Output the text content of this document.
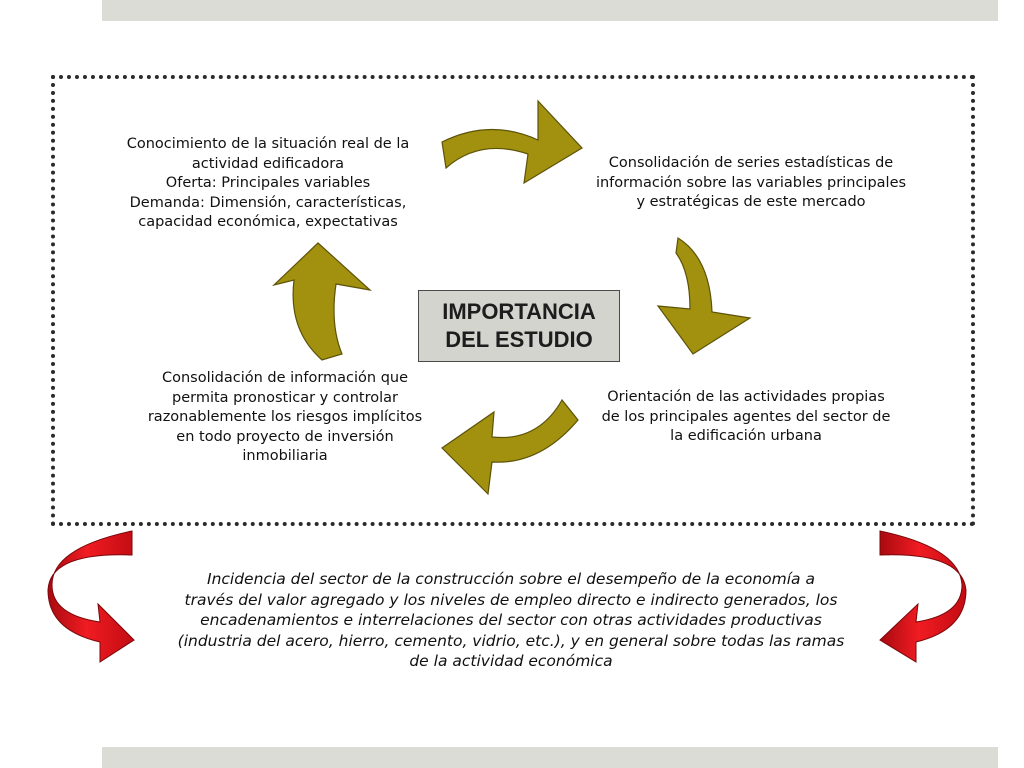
Conocimiento de la situación real de la
actividad edificadora
Oferta: Principales variables
Demanda: Dimensión, características,
capacidad económica, expectativas
Consolidación de series estadísticas de
información sobre las variables principales
y estratégicas de este mercado
Orientación de las actividades propias
de los principales agentes del sector de
la edificación urbana
Consolidación de información que
permita pronosticar y controlar
razonablemente los riesgos implícitos
en todo proyecto de inversión
inmobiliaria
IMPORTANCIA
DEL ESTUDIO
Incidencia del sector de la construcción sobre el desempeño de la economía a
través del valor agregado y los niveles de empleo directo e indirecto generados, los
encadenamientos e interrelaciones del sector con otras actividades productivas
(industria del acero, hierro, cemento, vidrio, etc.), y en general sobre todas las ramas
de la actividad económica
